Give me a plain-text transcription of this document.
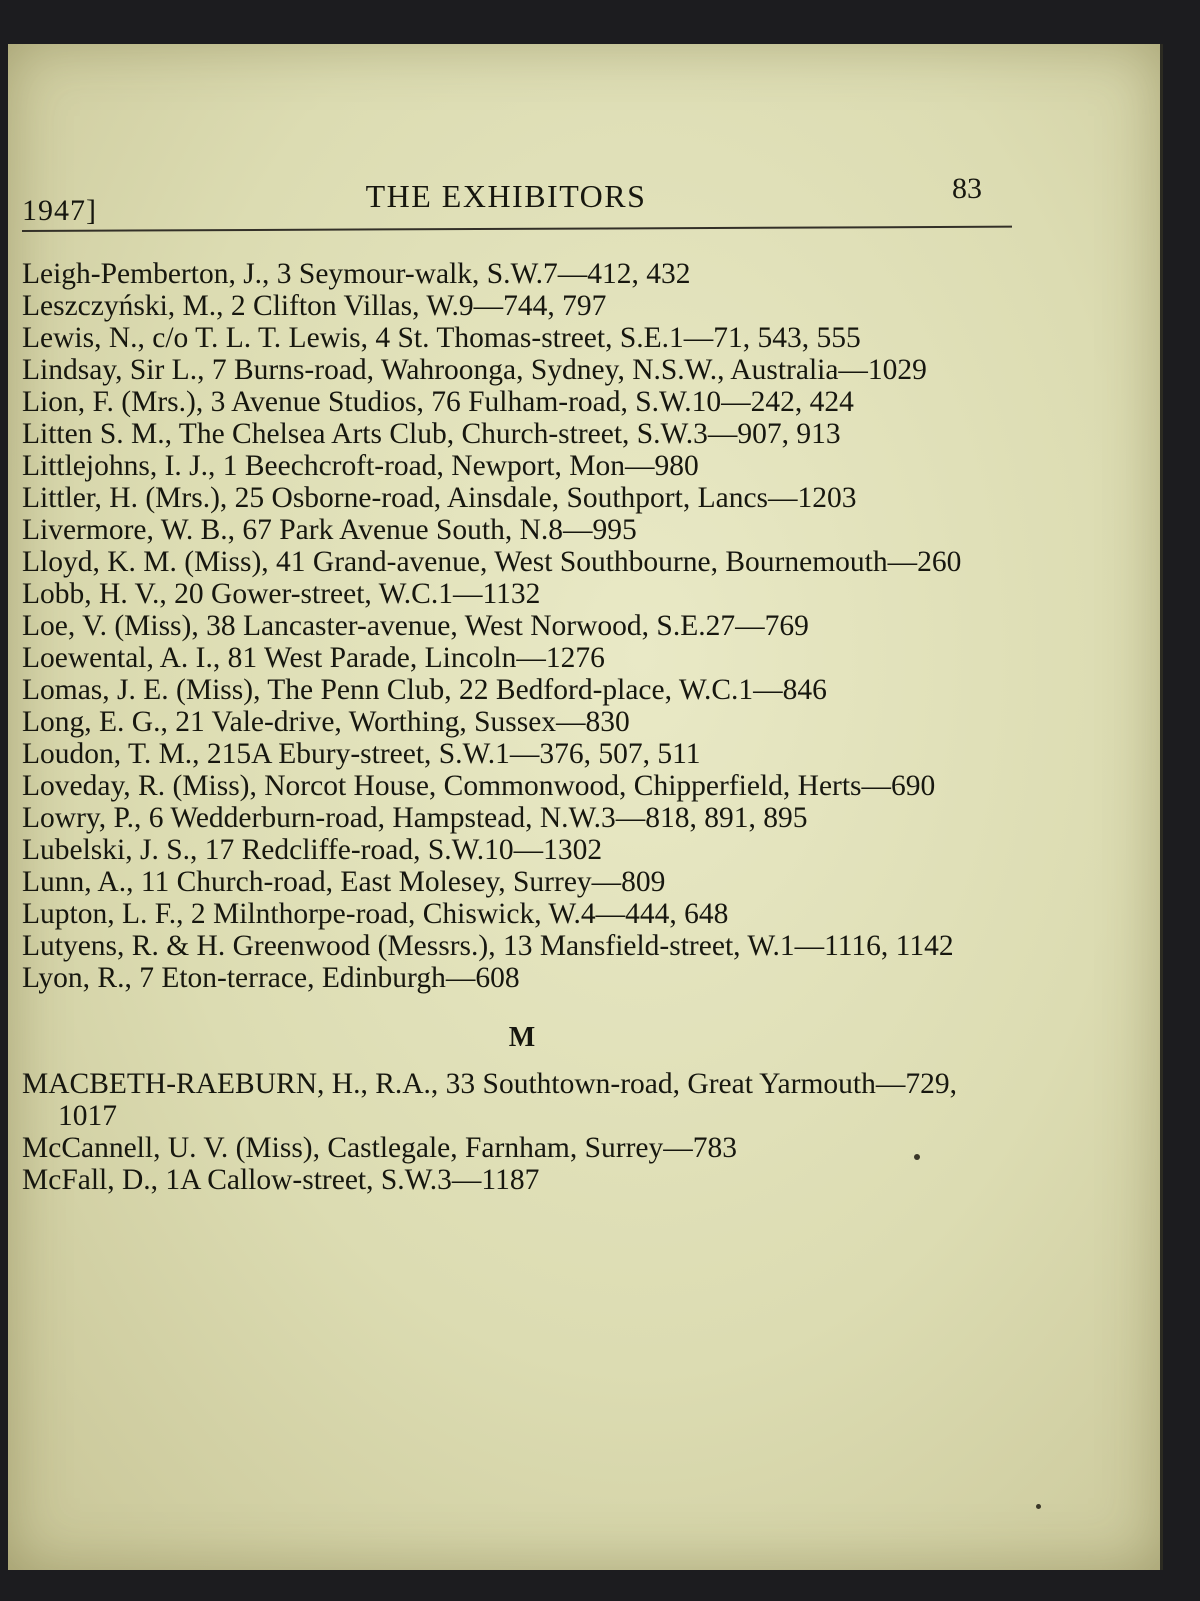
1947]	THE EXHIBITORS	83

Leigh-Pemberton, J., 3 Seymour-walk, S.W.7—412, 432

Leszczyński, M., 2 Clifton Villas, W.9—744, 797

Lewis, N., c/o T. L. T. Lewis, 4 St. Thomas-street, S.E.1—71, 543, 555

Lindsay, Sir L., 7 Burns-road, Wahroonga, Sydney, N.S.W., Australia—1029

Lion, F. (Mrs.), 3 Avenue Studios, 76 Fulham-road, S.W.10—242, 424

Litten S. M., The Chelsea Arts Club, Church-street, S.W.3—907, 913

Littlejohns, I. J., 1 Beechcroft-road, Newport, Mon—980

Littler, H. (Mrs.), 25 Osborne-road, Ainsdale, Southport, Lancs—1203

Livermore, W. B., 67 Park Avenue South, N.8—995

Lloyd, K. M. (Miss), 41 Grand-avenue, West Southbourne, Bournemouth—260

Lobb, H. V., 20 Gower-street, W.C.1—1132

Loe, V. (Miss), 38 Lancaster-avenue, West Norwood, S.E.27—769

Loewental, A. I., 81 West Parade, Lincoln—1276

Lomas, J. E. (Miss), The Penn Club, 22 Bedford-place, W.C.1—846

Long, E. G., 21 Vale-drive, Worthing, Sussex—830

Loudon, T. M., 215A Ebury-street, S.W.1—376, 507, 511

Loveday, R. (Miss), Norcot House, Commonwood, Chipperfield, Herts—690

Lowry, P., 6 Wedderburn-road, Hampstead, N.W.3—818, 891, 895

Lubelski, J. S., 17 Redcliffe-road, S.W.10—1302

Lunn, A., 11 Church-road, East Molesey, Surrey—809

Lupton, L. F., 2 Milnthorpe-road, Chiswick, W.4—444, 648

Lutyens, R. & H. Greenwood (Messrs.), 13 Mansfield-street, W.1—1116, 1142

Lyon, R., 7 Eton-terrace, Edinburgh—608

M

MACBETH-RAEBURN, H., R.A., 33 Southtown-road, Great Yarmouth—729, 1017

McCannell, U. V. (Miss), Castlegale, Farnham, Surrey—783

McFall, D., 1A Callow-street, S.W.3—1187
